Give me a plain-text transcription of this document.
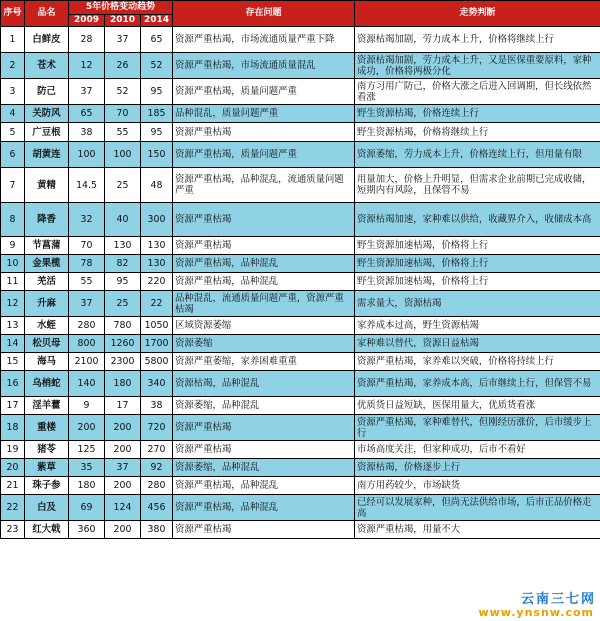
序号	品名	5年价格变动趋势			存在问题	走势判断
		2009	2010	2014		
1	白鲜皮	28	37	65	资源严重枯竭，市场流通质量严重下降	资源枯竭加剧，劳力成本上升，价格将继续上行
2	苍术	12	26	52	资源严重枯竭，市场流通质量混乱	资源枯竭加剧，劳力成本上升，又是医保重要原料，家种成功，价格将两极分化
3	防己	37	52	95	资源严重枯竭，质量问题严重	南方习用广防己，价格大涨之后进入回调期，但长线依然看涨
4	关防风	65	70	185	品种混乱，质量问题严重	野生资源枯竭，价格连续上行
5	广豆根	38	55	95	资源严重枯竭	野生资源枯竭，价格将继续上行
6	胡黄连	100	100	150	资源严重枯竭，质量问题严重	资源萎缩，劳力成本上升，价格连续上行，但用量有限
7	黄精	14.5	25	48	资源严重枯竭，品种混乱，流通质量问题严重	用量加大，价格上升明显，但需求企业前期已完成收储，短期内有风险，且保管不易
8	降香	32	40	300	资源严重枯竭	资源枯竭加速，家种难以供给，收藏界介入，收储成本高
9	节菖蒲	70	130	130	资源严重枯竭	野生资源加速枯竭，价格将上行
10	金果榄	78	82	130	资源严重枯竭，品种混乱	野生资源加速枯竭，价格将上行
11	羌活	55	95	220	资源严重枯竭，品种混乱	野生资源加速枯竭，价格将上行
12	升麻	37	25	22	品种混乱，流通质量问题严重，资源严重枯竭	需求量大，资源枯竭
13	水蛭	280	780	1050	区域资源萎缩	家养成本过高，野生资源枯竭
14	松贝母	800	1260	1700	资源萎缩	家种难以替代，资源日益枯竭
15	海马	2100	2300	5800	资源严重萎缩，家养困难重重	资源严重枯竭，家养难以突破，价格将持续上行
16	乌梢蛇	140	180	340	资源枯竭，品种混乱	资源严重枯竭，家养成本高，后市继续上行，但保管不易
17	淫羊藿	9	17	38	资源萎缩，品种混乱	优质货日益短缺，医保用量大，优质货看涨
18	重楼	200	200	720	资源严重枯竭	资源严重枯竭，家种难替代，但刚经历涨价，后市缓步上行
19	猪苓	125	200	270	资源严重枯竭	市场高度关注，但家种成功，后市不看好
20	紫草	35	37	92	资源萎缩，品种混乱	资源枯竭，价格逐步上行
21	珠子参	180	200	280	资源严重枯竭，品种混乱	南方用药较少，市场缺货
22	白及	69	124	456	资源严重枯竭，品种混乱	已经可以发展家种，但尚无法供给市场，后市正品价格走高
23	红大戟	360	200	380	资源严重枯竭	资源严重枯竭，用量不大
云南三七网
www.ynsnw.com
